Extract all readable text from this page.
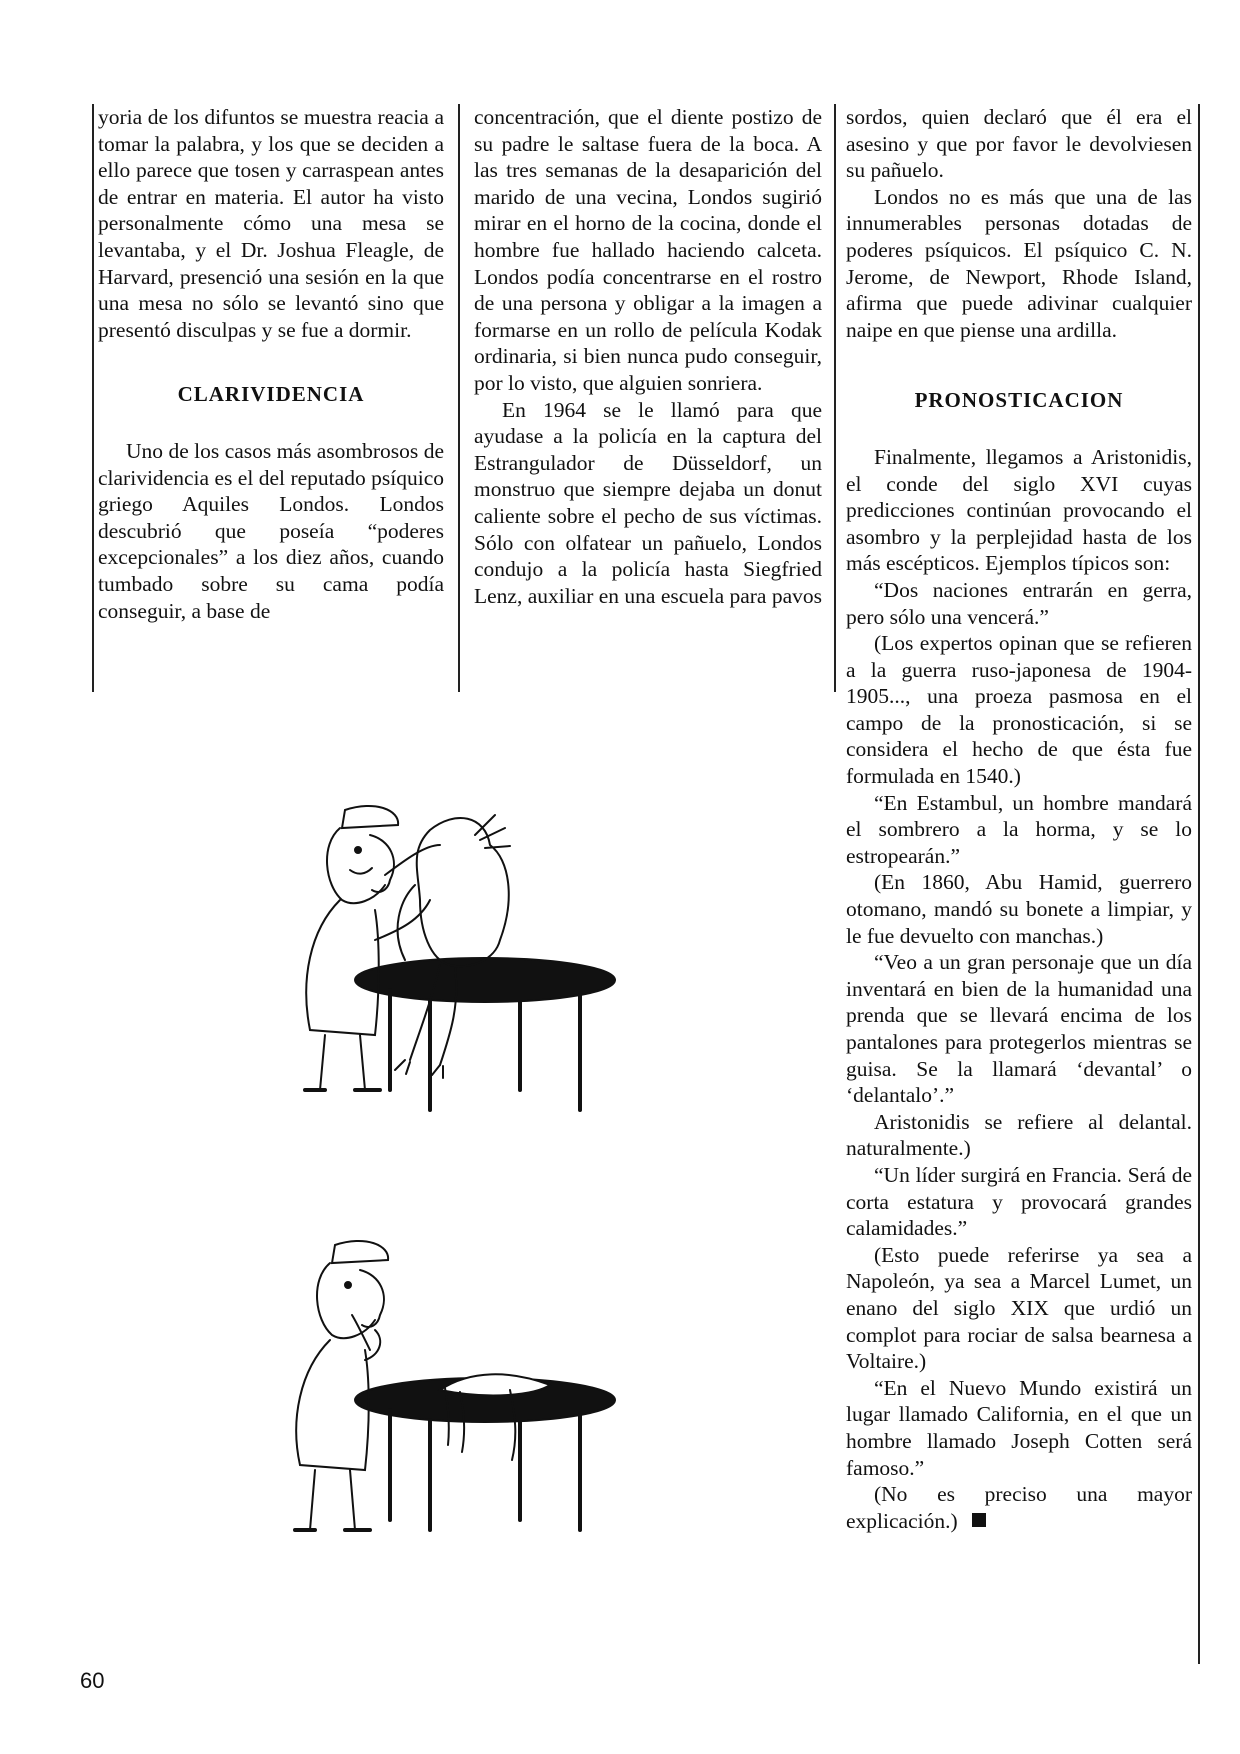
yoria de los difuntos se muestra reacia a tomar la palabra, y los que se deciden a ello parece que tosen y carraspean antes de entrar en materia. El autor ha visto personalmente cómo una mesa se levantaba, y el Dr. Joshua Fleagle, de Harvard, presenció una sesión en la que una mesa no sólo se levantó sino que presentó disculpas y se fue a dormir.

CLARIVIDENCIA

Uno de los casos más asombrosos de clarividencia es el del reputado psíquico griego Aquiles Londos. Londos descubrió que poseía “poderes excepcionales” a los diez años, cuando tumbado sobre su cama podía conseguir, a base de

concentración, que el diente postizo de su padre le saltase fuera de la boca. A las tres semanas de la desaparición del marido de una vecina, Londos sugirió mirar en el horno de la cocina, donde el hombre fue hallado haciendo calceta. Londos podía concentrarse en el rostro de una persona y obligar a la imagen a formarse en un rollo de película Kodak ordinaria, si bien nunca pudo conseguir, por lo visto, que alguien sonriera.

En 1964 se le llamó para que ayudase a la policía en la captura del Estrangulador de Düsseldorf, un monstruo que siempre dejaba un donut caliente sobre el pecho de sus víctimas. Sólo con olfatear un pañuelo, Londos condujo a la policía hasta Siegfried Lenz, auxiliar en una escuela para pavos

sordos, quien declaró que él era el asesino y que por favor le devolviesen su pañuelo.

Londos no es más que una de las innumerables personas dotadas de poderes psíquicos. El psíquico C. N. Jerome, de Newport, Rhode Island, afirma que puede adivinar cualquier naipe en que piense una ardilla.

PRONOSTICACION

Finalmente, llegamos a Aristonidis, el conde del siglo XVI cuyas predicciones continúan provocando el asombro y la perplejidad hasta de los más escépticos. Ejemplos típicos son:

“Dos naciones entrarán en gerra, pero sólo una vencerá.”

(Los expertos opinan que se refieren a la guerra ruso-japonesa de 1904-1905..., una proeza pasmosa en el campo de la pronosticación, si se considera el hecho de que ésta fue formulada en 1540.)

“En Estambul, un hombre mandará el sombrero a la horma, y se lo estropearán.”

(En 1860, Abu Hamid, guerrero otomano, mandó su bonete a limpiar, y le fue devuelto con manchas.)

“Veo a un gran personaje que un día inventará en bien de la humanidad una prenda que se llevará encima de los pantalones para protegerlos mientras se guisa. Se la llamará ‘devantal’ o ‘delantalo’.”

Aristonidis se refiere al delantal. naturalmente.)

“Un líder surgirá en Francia. Será de corta estatura y provocará grandes calamidades.”

(Esto puede referirse ya sea a Napoleón, ya sea a Marcel Lumet, un enano del siglo XIX que urdió un complot para rociar de salsa bearnesa a Voltaire.)

“En el Nuevo Mundo existirá un lugar llamado California, en el que un hombre llamado Joseph Cotten será famoso.”

(No es preciso una mayor explicación.)

60
